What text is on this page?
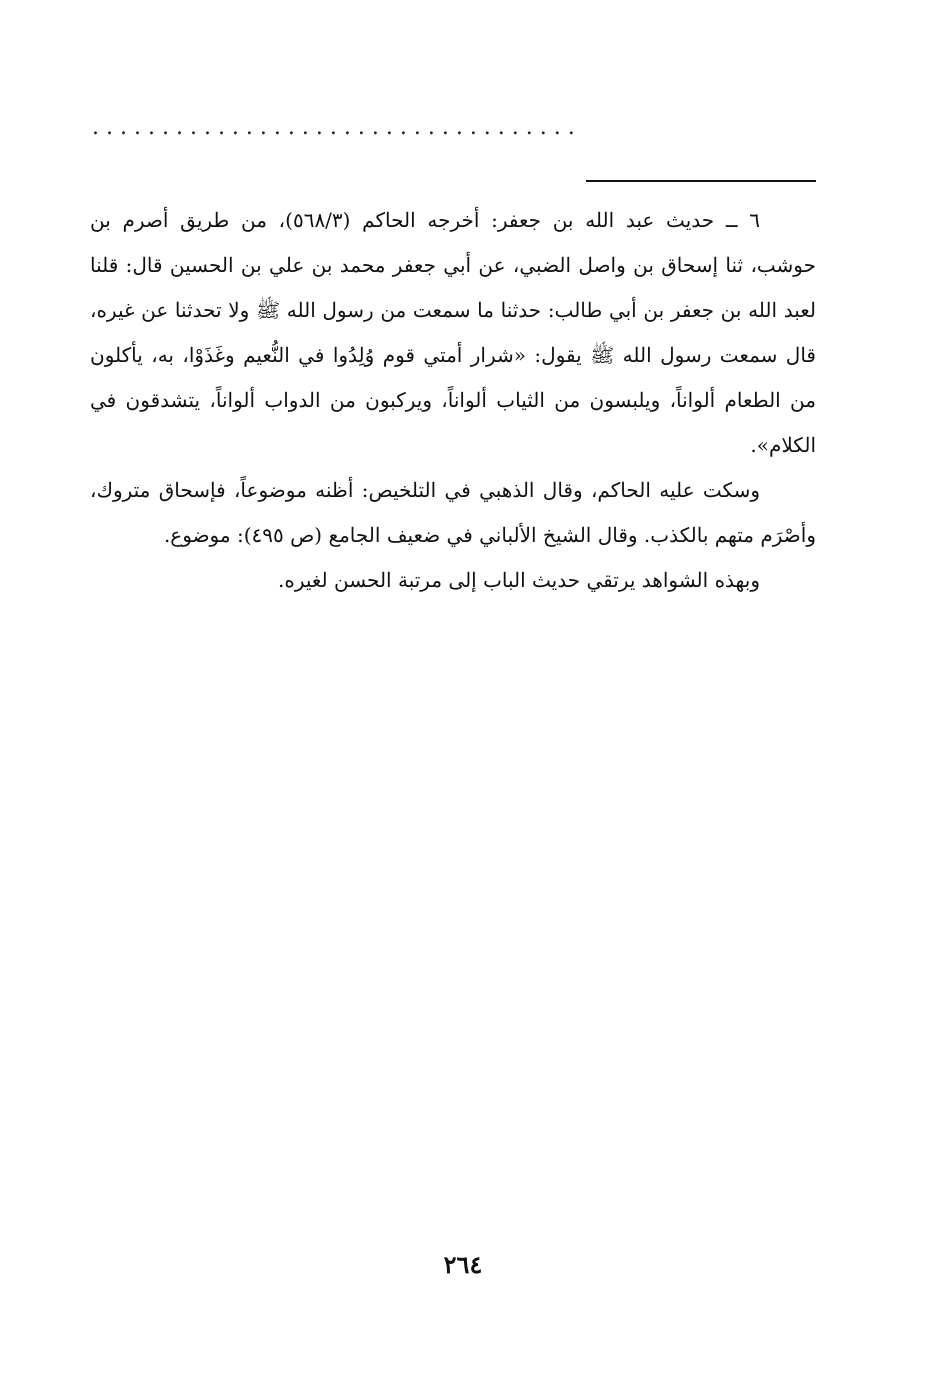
...................................

٦ ــ حديث عبد الله بن جعفر: أخرجه الحاكم (٥٦٨/٣)، من طريق أصرم بن حوشب، ثنا إسحاق بن واصل الضبي، عن أبي جعفر محمد بن علي بن الحسين قال: قلنا لعبد الله بن جعفر بن أبي طالب: حدثنا ما سمعت من رسول الله ﷺ ولا تحدثنا عن غيره، قال سمعت رسول الله ﷺ يقول: «شرار أمتي قوم وُلِدُوا في النُّعيم وغَذَوْا، به، يأكلون من الطعام ألواناً، ويلبسون من الثياب ألواناً، ويركبون من الدواب ألواناً، يتشدقون في الكلام».

وسكت عليه الحاكم، وقال الذهبي في التلخيص: أظنه موضوعاً، فإسحاق متروك، وأصْرَم متهم بالكذب. وقال الشيخ الألباني في ضعيف الجامع (ص ٤٩٥): موضوع.

وبهذه الشواهد يرتقي حديث الباب إلى مرتبة الحسن لغيره.

٢٦٤
